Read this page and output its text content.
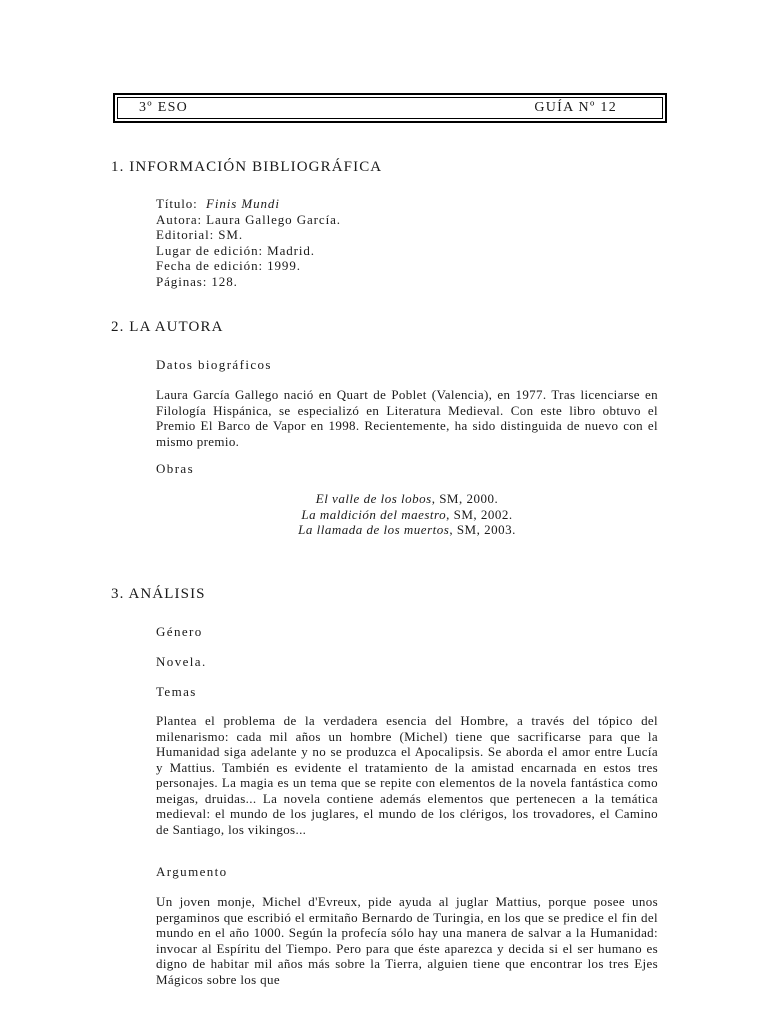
3º ESO	GUÍA Nº 12
1. INFORMACIÓN BIBLIOGRÁFICA

Título: Finis Mundi

Autora: Laura Gallego García.

Editorial: SM.

Lugar de edición: Madrid.

Fecha de edición: 1999.

Páginas: 128.

2. LA AUTORA

Datos biográficos

Laura García Gallego nació en Quart de Poblet (Valencia), en 1977. Tras licenciarse en Filología Hispánica, se especializó en Literatura Medieval. Con este libro obtuvo el Premio El Barco de Vapor en 1998. Recientemente, ha sido distinguida de nuevo con el mismo premio.

Obras

El valle de los lobos, SM, 2000.

La maldición del maestro, SM, 2002.

La llamada de los muertos, SM, 2003.

3. ANÁLISIS

Género

Novela.

Temas

Plantea el problema de la verdadera esencia del Hombre, a través del tópico del milenarismo: cada mil años un hombre (Michel) tiene que sacrificarse para que la Humanidad siga adelante y no se produzca el Apocalipsis. Se aborda el amor entre Lucía y Mattius. También es evidente el tratamiento de la amistad encarnada en estos tres personajes. La magia es un tema que se repite con elementos de la novela fantástica como meigas, druidas... La novela contiene además elementos que pertenecen a la temática medieval: el mundo de los juglares, el mundo de los clérigos, los trovadores, el Camino de Santiago, los vikingos...

Argumento

Un joven monje, Michel d'Evreux, pide ayuda al juglar Mattius, porque posee unos pergaminos que escribió el ermitaño Bernardo de Turingia, en los que se predice el fin del mundo en el año 1000. Según la profecía sólo hay una manera de salvar a la Humanidad: invocar al Espíritu del Tiempo. Pero para que éste aparezca y decida si el ser humano es digno de habitar mil años más sobre la Tierra, alguien tiene que encontrar los tres Ejes Mágicos sobre los que
